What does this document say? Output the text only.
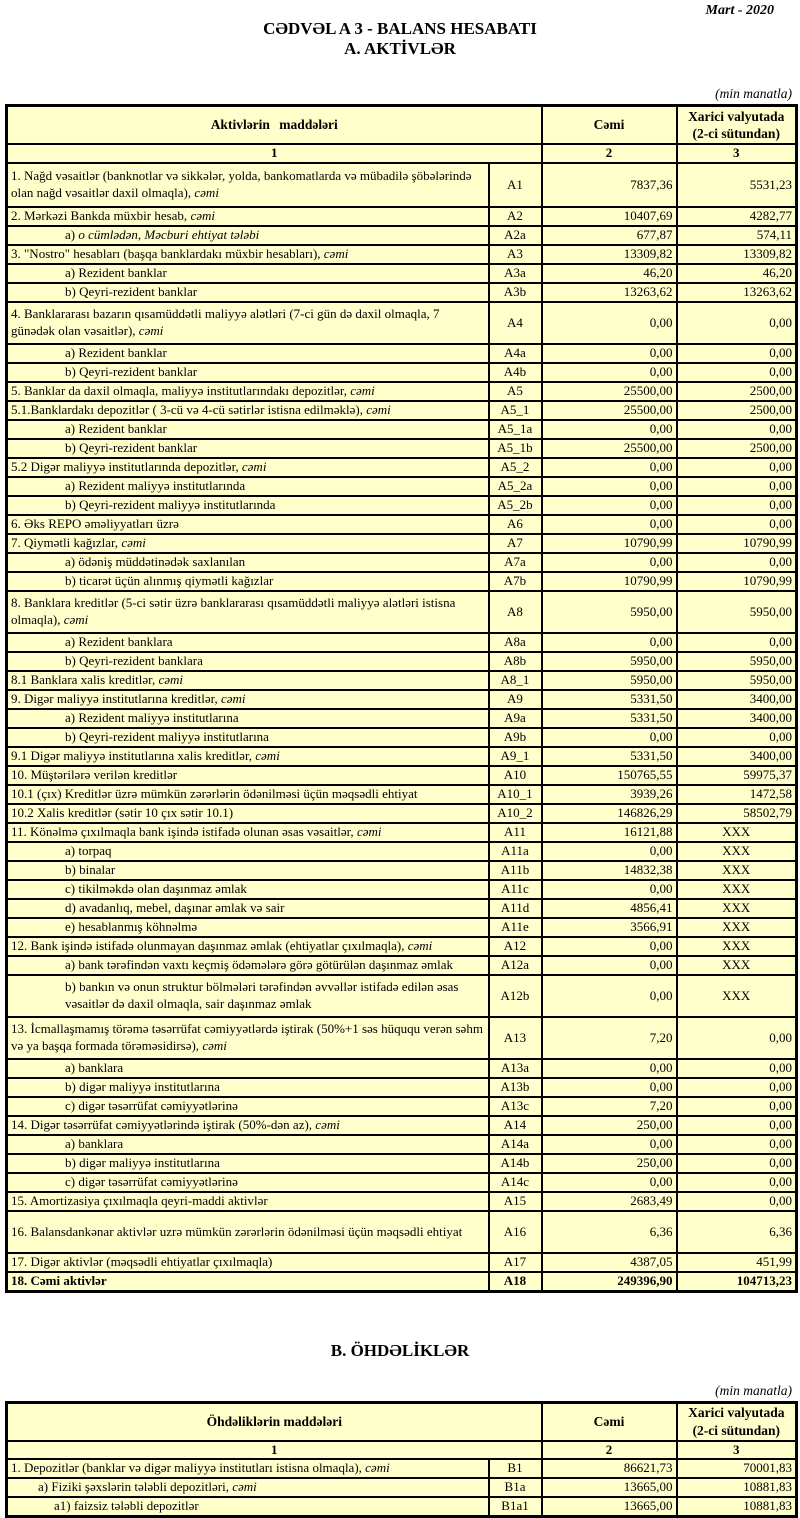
Mart - 2020
CƏDVƏL A 3 - BALANS HESABATI
A. AKTİVLƏR
(min manatla)
Aktivlərin maddələri		Cəmi	Xarici valyutada (2-ci sütundan)
1		2	3
1. Nağd vəsaitlər (banknotlar və sikkələr, yolda, bankomatlarda və mübadilə şöbələrində olan nağd vəsaitlər daxil olmaqla), cəmi	A1	7837,36	5531,23
2. Mərkəzi Bankda müxbir hesab, cəmi	A2	10407,69	4282,77
a) o cümlədən, Məcburi ehtiyat tələbi	A2a	677,87	574,11
3. "Nostro" hesabları (başqa banklardakı müxbir hesabları), cəmi	A3	13309,82	13309,82
a) Rezident banklar	A3a	46,20	46,20
b) Qeyri-rezident banklar	A3b	13263,62	13263,62
4. Banklararası bazarın qısamüddətli maliyyə alətləri (7-ci gün də daxil olmaqla, 7 günədək olan vəsaitlər), cəmi	A4	0,00	0,00
a) Rezident banklar	A4a	0,00	0,00
b) Qeyri-rezident banklar	A4b	0,00	0,00
5. Banklar da daxil olmaqla, maliyyə institutlarındakı depozitlər, cəmi	A5	25500,00	2500,00
5.1.Banklardakı depozitlər ( 3-cü və 4-cü sətirlər istisna edilməklə), cəmi	A5_1	25500,00	2500,00
a) Rezident banklar	A5_1a	0,00	0,00
b) Qeyri-rezident banklar	A5_1b	25500,00	2500,00
5.2 Digər maliyyə institutlarında depozitlər, cəmi	A5_2	0,00	0,00
a) Rezident maliyyə institutlarında	A5_2a	0,00	0,00
b) Qeyri-rezident maliyyə institutlarında	A5_2b	0,00	0,00
6. Əks REPO əməliyyatları üzrə	A6	0,00	0,00
7. Qiymətli kağızlar, cəmi	A7	10790,99	10790,99
a) ödəniş müddətinədək saxlanılan	A7a	0,00	0,00
b) ticarət üçün alınmış qiymətli kağızlar	A7b	10790,99	10790,99
8. Banklara kreditlər (5-ci sətir üzrə banklararası qısamüddətli maliyyə alətləri istisna olmaqla), cəmi	A8	5950,00	5950,00
a) Rezident banklara	A8a	0,00	0,00
b) Qeyri-rezident banklara	A8b	5950,00	5950,00
8.1 Banklara xalis kreditlər, cəmi	A8_1	5950,00	5950,00
9. Digər maliyyə institutlarına kreditlər, cəmi	A9	5331,50	3400,00
a) Rezident maliyyə institutlarına	A9a	5331,50	3400,00
b) Qeyri-rezident maliyyə institutlarına	A9b	0,00	0,00
9.1 Digər maliyyə institutlarına xalis kreditlər, cəmi	A9_1	5331,50	3400,00
10. Müştərilərə verilən kreditlər	A10	150765,55	59975,37
10.1 (çıx) Kreditlər üzrə mümkün zərərlərin ödənilməsi üçün məqsədli ehtiyat	A10_1	3939,26	1472,58
10.2 Xalis kreditlər (sətir 10 çıx sətir 10.1)	A10_2	146826,29	58502,79
11. Könəlmə çıxılmaqla bank işində istifadə olunan əsas vəsaitlər, cəmi	A11	16121,88	XXX
a) torpaq	A11a	0,00	XXX
b) binalar	A11b	14832,38	XXX
c) tikilməkdə olan daşınmaz əmlak	A11c	0,00	XXX
d) avadanlıq, mebel, daşınar əmlak və sair	A11d	4856,41	XXX
e) hesablanmış köhnəlmə	A11e	3566,91	XXX
12. Bank işində istifadə olunmayan daşınmaz əmlak (ehtiyatlar çıxılmaqla), cəmi	A12	0,00	XXX
a) bank tərəfindən vaxtı keçmiş ödəmələrə görə götürülən daşınmaz əmlak	A12a	0,00	XXX
b) bankın və onun struktur bölmələri tərəfindən əvvəllər istifadə edilən əsas vəsaitlər də daxil olmaqla, sair daşınmaz əmlak	A12b	0,00	XXX
13. İcmallaşmamış törəmə təsərrüfat cəmiyyətlərdə iştirak (50%+1 səs hüququ verən səhm və ya başqa formada törəməsidirsə), cəmi	A13	7,20	0,00
a) banklara	A13a	0,00	0,00
b) digər maliyyə institutlarına	A13b	0,00	0,00
c) digər təsərrüfat cəmiyyətlərinə	A13c	7,20	0,00
14. Digər təsərrüfat cəmiyyətlərində iştirak (50%-dən az), cəmi	A14	250,00	0,00
a) banklara	A14a	0,00	0,00
b) digər maliyyə institutlarına	A14b	250,00	0,00
c) digər təsərrüfat cəmiyyətlərinə	A14c	0,00	0,00
15. Amortizasiya çıxılmaqla qeyri-maddi aktivlər	A15	2683,49	0,00
16. Balansdankənar aktivlər uzrə mümkün zərərlərin ödənilməsi üçün məqsədli ehtiyat	A16	6,36	6,36
17. Digər aktivlər (məqsədli ehtiyatlar çıxılmaqla)	A17	4387,05	451,99
18. Cəmi aktivlər	A18	249396,90	104713,23
B. ÖHDƏLİKLƏR
(min manatla)
Öhdəliklərin maddələri		Cəmi	Xarici valyutada (2-ci sütundan)
1		2	3
1. Depozitlər (banklar və digər maliyyə institutları istisna olmaqla), cəmi	B1	86621,73	70001,83
a) Fiziki şəxslərin tələbli depozitləri, cəmi	B1a	13665,00	10881,83
a1) faizsiz tələbli depozitlər	B1a1	13665,00	10881,83
